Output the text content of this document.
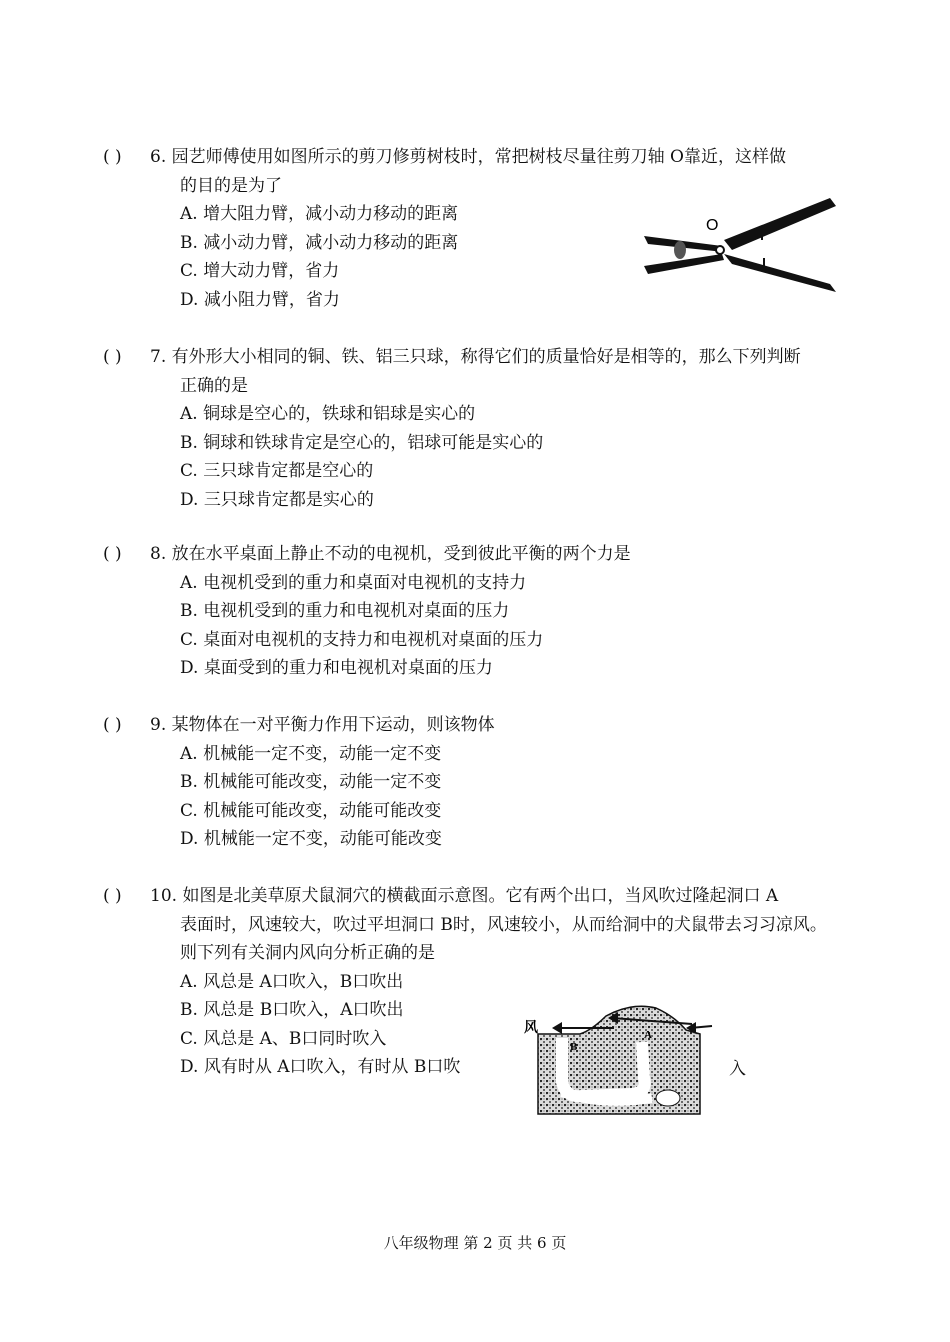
( ) 6. 园艺师傅使用如图所示的剪刀修剪树枝时，常把树枝尽量往剪刀轴 O靠近，这样做
的目的是为了
A. 增大阻力臂，减小动力移动的距离
B. 减小动力臂，减小动力移动的距离
C. 增大动力臂，省力
D. 减小阻力臂，省力
O
( ) 7. 有外形大小相同的铜、铁、铝三只球，称得它们的质量恰好是相等的，那么下列判断
正确的是
A. 铜球是空心的，铁球和铝球是实心的
B. 铜球和铁球肯定是空心的，铝球可能是实心的
C. 三只球肯定都是空心的
D. 三只球肯定都是实心的
( ) 8. 放在水平桌面上静止不动的电视机，受到彼此平衡的两个力是
A. 电视机受到的重力和桌面对电视机的支持力
B. 电视机受到的重力和电视机对桌面的压力
C. 桌面对电视机的支持力和电视机对桌面的压力
D. 桌面受到的重力和电视机对桌面的压力
( ) 9. 某物体在一对平衡力作用下运动，则该物体
A. 机械能一定不变，动能一定不变
B. 机械能可能改变，动能一定不变
C. 机械能可能改变，动能可能改变
D. 机械能一定不变，动能可能改变
( ) 10. 如图是北美草原犬鼠洞穴的横截面示意图。它有两个出口，当风吹过隆起洞口 A
表面时，风速较大，吹过平坦洞口 B时，风速较小，从而给洞中的犬鼠带去习习凉风。
则下列有关洞内风向分析正确的是
A. 风总是 A口吹入，B口吹出
B. 风总是 B口吹入，A口吹出
C. 风总是 A、B口同时吹入
D. 风有时从 A口吹入，有时从 B口吹	入
风	A
B
八年级物理 第 2 页 共 6 页
